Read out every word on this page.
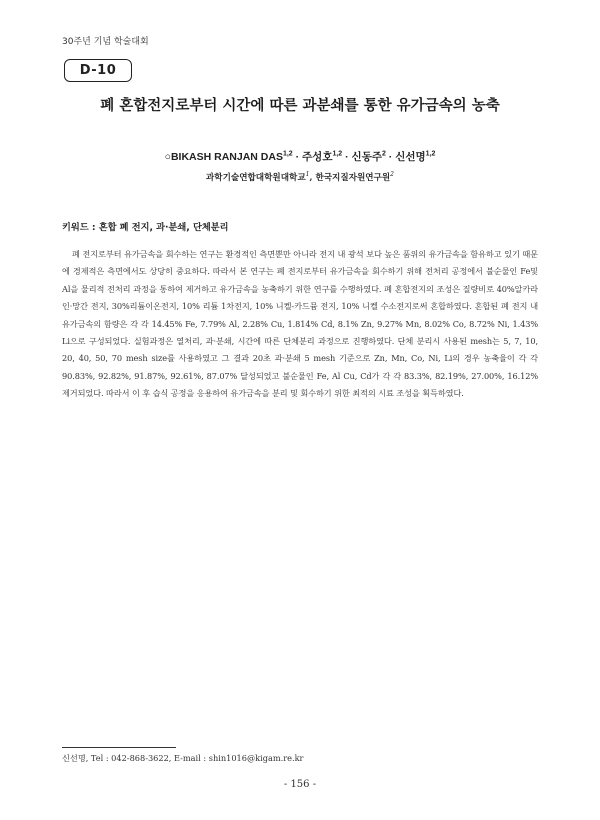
30주년 기념 학술대회
D-10
폐 혼합전지로부터 시간에 따른 과분쇄를 통한 유가금속의 농축
○BIKASH RANJAN DAS$^{1,2}$ · 주성호$^{1,2}$ · 신동주$^2$ · 신선명$^{1,2}$
과학기술연합대학원대학교$^1$, 한국지질자원연구원$^2$
키워드 : 혼합 폐 전지, 과·분쇄, 단체분리
폐 전지로부터 유가금속을 회수하는 연구는 환경적인 측면뿐만 아니라 전지 내 광석 보다 높은 품위의 유가금속을 함유하고 있기 때문에 경제적은 측면에서도 상당히 중요하다. 따라서 본 연구는 폐 전지로부터 유가금속을 회수하기 위해 전처리 공정에서 불순물인 Fe및 Al을 물리적 전처리 과정을 통하여 제거하고 유가금속을 농축하기 위한 연구를 수행하였다. 폐 혼합전지의 조성은 질량비로 40%알카라인·망간 전지, 30%리튬이온전지, 10% 리튬 1차전지, 10% 니켈-카드뮴 전지, 10% 니켈 수소전지로써 혼합하였다. 혼합된 폐 전지 내 유가금속의 함량은 각 각 14.45% Fe, 7.79% Al, 2.28% Cu, 1.814% Cd, 8.1% Zn, 9.27% Mn, 8.02% Co, 8.72% Ni, 1.43% Li으로 구성되었다. 실험과정은 열처리, 과·분쇄, 시간에 따른 단체분리 과정으로 진행하였다. 단체 분리시 사용된 mesh는 5, 7, 10, 20, 40, 50, 70 mesh size를 사용하였고 그 결과 20초 과·분쇄 5 mesh 기준으로 Zn, Mn, Co, Ni, Li의 경우 농축율이 각 각 90.83%, 92.82%, 91.87%, 92.61%, 87.07% 달성되었고 불순물인 Fe, Al Cu, Cd가 각 각 83.3%, 82.19%, 27.00%, 16.12% 제거되었다. 따라서 이 후 습식 공정을 응용하여 유가금속을 분리 및 회수하기 위한 최적의 시료 조성을 획득하였다.
신선명, Tel : 042-868-3622, E-mail : shin1016@kigam.re.kr
- 156 -
